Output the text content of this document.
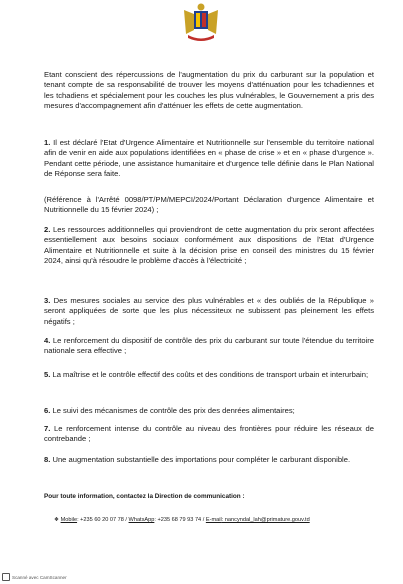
Etant conscient des répercussions de l'augmentation du prix du carburant sur la population et tenant compte de sa responsabilité de trouver les moyens d'atténuation pour les tchadiennes et les tchadiens et spécialement pour les couches les plus vulnérables, le Gouvernement a pris des mesures d'accompagnement afin d'atténuer les effets de cette augmentation.

1. Il est déclaré l'Etat d'Urgence Alimentaire et Nutritionnelle sur l'ensemble du territoire national afin de venir en aide aux populations identifiées en « phase de crise » et en « phase d'urgence ». Pendant cette période, une assistance humanitaire et d'urgence telle définie dans le Plan National de Réponse sera faite.

(Référence à l'Arrêté 0098/PT/PM/MEPCI/2024/Portant Déclaration d'urgence Alimentaire et Nutritionnelle du 15 février 2024) ;

2. Les ressources additionnelles qui proviendront de cette augmentation du prix seront affectées essentiellement aux besoins sociaux conformément aux dispositions de l'Etat d'Urgence Alimentaire et Nutritionnelle et suite à la décision prise en conseil des ministres du 15 février 2024, ainsi qu'à résoudre le problème d'accès à l'électricité ;

3. Des mesures sociales au service des plus vulnérables et « des oubliés de la République » seront appliquées de sorte que les plus nécessiteux ne subissent pas pleinement les effets négatifs ;

4. Le renforcement du dispositif de contrôle des prix du carburant sur toute l'étendue du territoire nationale sera effective ;

5. La maîtrise et le contrôle effectif des coûts et des conditions de transport urbain et interurbain;

6. Le suivi des mécanismes de contrôle des prix des denrées alimentaires;

7. Le renforcement intense du contrôle au niveau des frontières pour réduire les réseaux de contrebande ;

8. Une augmentation substantielle des importations pour compléter le carburant disponible.

Pour toute information, contactez la Direction de communication :
❖ Mobile: +235 60 20 07 78 / WhatsApp: +235 68 79 93 74 / E-mail: nancyndal_lah@primature.gouv.td
Scanné avec CamScanner
